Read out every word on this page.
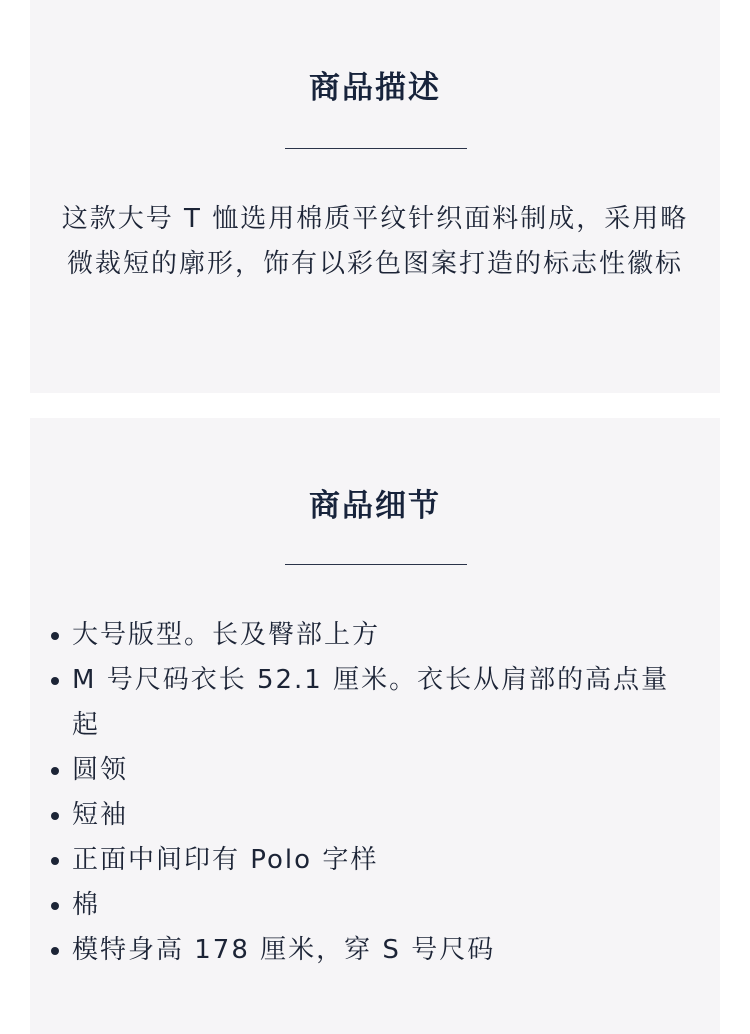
商品描述

这款大号 T 恤选用棉质平纹针织面料制成，采用略微裁短的廓形，饰有以彩色图案打造的标志性徽标

商品细节
大号版型。长及臀部上方
M 号尺码衣长 52.1 厘米。衣长从肩部的高点量起
圆领
短袖
正面中间印有 Polo 字样
棉
模特身高 178 厘米，穿 S 号尺码
